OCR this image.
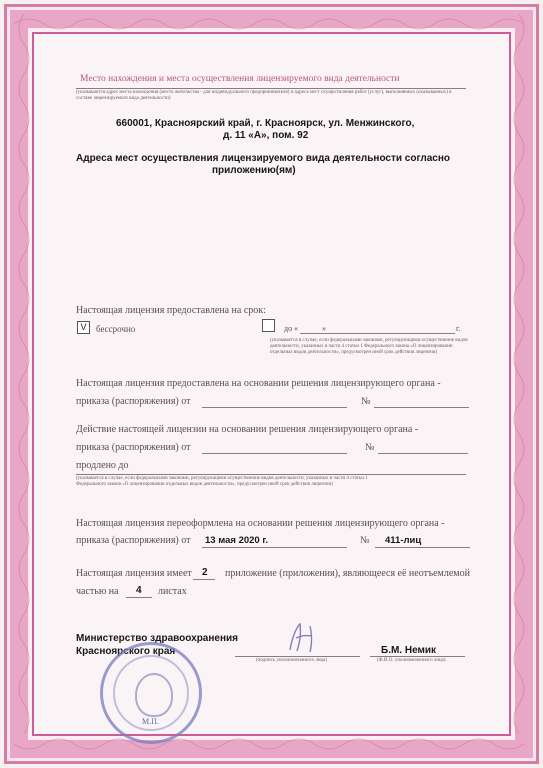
Место нахождения и места осуществления лицензируемого вида деятельности
(указываются адрес места нахождения (место жительства - для индивидуального предпринимателя) и адреса мест осуществления работ (услуг), выполняемых (оказываемых) в составе лицензируемого вида деятельности)
660001, Красноярский край, г. Красноярск, ул. Менжинского,
д. 11 «А», пом. 92
Адреса мест осуществления лицензируемого вида деятельности согласно
приложению(ям)
Настоящая лицензия предоставлена на срок:
V	бессрочно	до «	»	г.
(указывается в случае, если федеральными законами, регулирующими осуществление видов деятельности, указанных в части 4 статьи 1 Федерального закона «О лицензировании отдельных видов деятельности», предусмотрен иной срок действия лицензии)
Настоящая лицензия предоставлена на основании решения лицензирующего органа -
приказа (распоряжения) от	№
Действие настоящей лицензии на основании решения лицензирующего органа -
приказа (распоряжения) от	№
продлено до
(указывается в случае, если федеральными законами, регулирующими осуществление видов деятельности, указанных в части 4 статьи 1 Федерального закона «О лицензировании отдельных видов деятельности», предусмотрен иной срок действия лицензии)
Настоящая лицензия переоформлена на основании решения лицензирующего органа -
приказа (распоряжения) от 13 мая 2020 г.	№ 411-лиц
Настоящая лицензия имеет 2 приложение (приложения), являющееся её неотъемлемой
частью на 4 листах
Министерство здравоохранения
Красноярского края
(подпись уполномоченного лица)
Б.М. Немик
(Ф.И.О. уполномоченного лица)
М.П.
